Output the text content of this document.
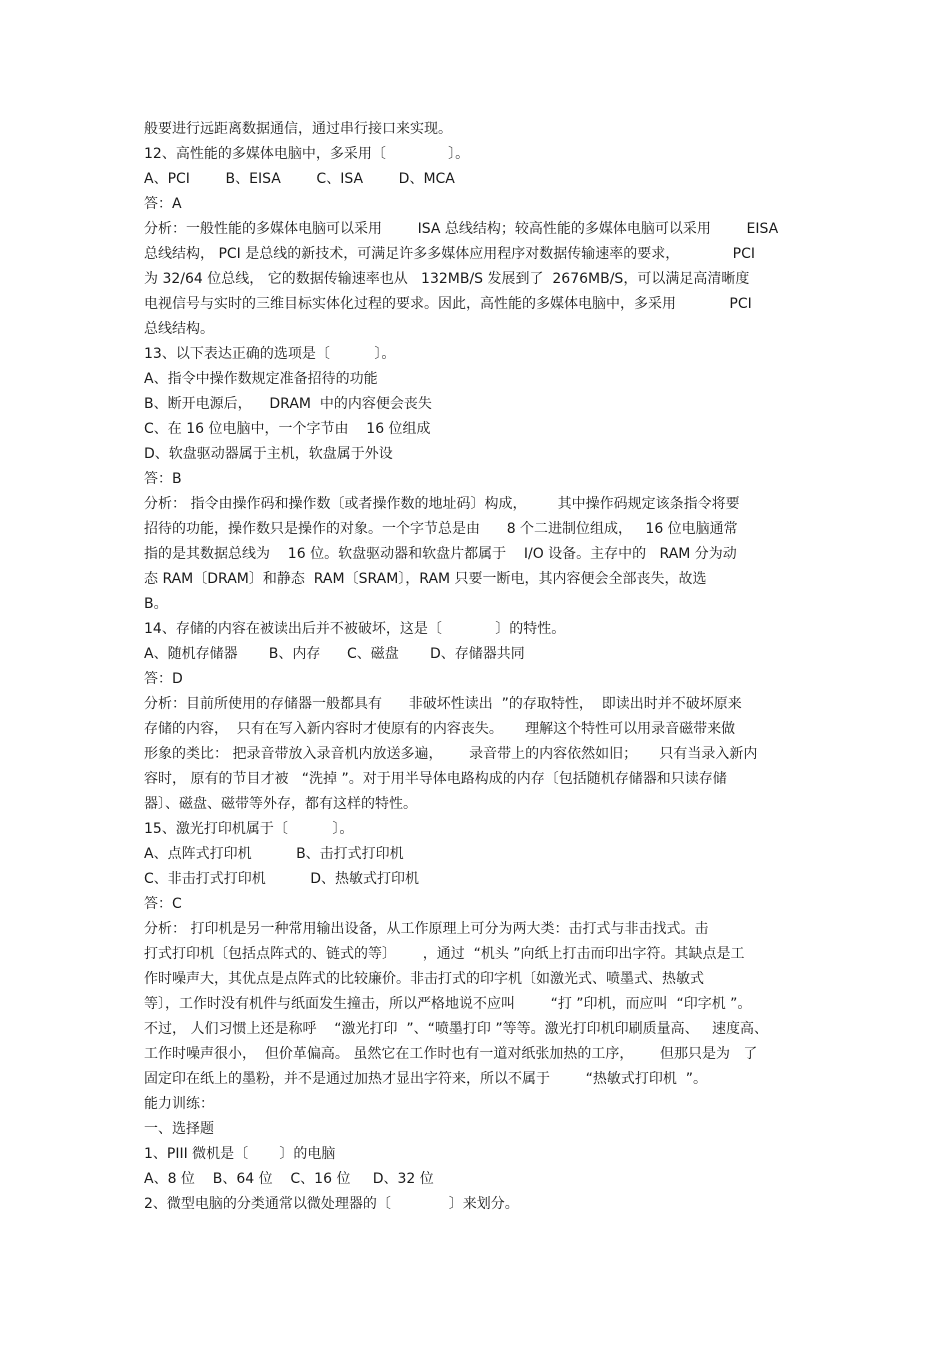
般要进行远距离数据通信，通过串行接口来实现。
12、高性能的多媒体电脑中，多采用〔              〕。
A、PCI        B、EISA        C、ISA        D、MCA
答：A
分析：一般性能的多媒体电脑可以采用        ISA 总线结构；较高性能的多媒体电脑可以采用        EISA
总线结构， PCI 是总线的新技术，可满足许多多媒体应用程序对数据传输速率的要求，            PCI
为 32/64 位总线， 它的数据传输速率也从   132MB/S 发展到了  2676MB/S，可以满足高清晰度
电视信号与实时的三维目标实体化过程的要求。因此，高性能的多媒体电脑中，多采用            PCI
总线结构。
13、以下表达正确的选项是〔          〕。
A、指令中操作数规定准备招待的功能
B、断开电源后，    DRAM  中的内容便会丧失
C、在 16 位电脑中，一个字节由    16 位组成
D、软盘驱动器属于主机，软盘属于外设
答：B
分析： 指令由操作码和操作数〔或者操作数的地址码〕构成，       其中操作码规定该条指令将要
招待的功能，操作数只是操作的对象。一个字节总是由      8 个二进制位组成，   16 位电脑通常
指的是其数据总线为    16 位。软盘驱动器和软盘片都属于    I/O 设备。主存中的   RAM 分为动
态 RAM〔DRAM〕和静态  RAM〔SRAM〕，RAM 只要一断电，其内容便会全部丧失，故选
B。
14、存储的内容在被读出后并不被破坏，这是〔            〕的特性。
A、随机存储器       B、内存      C、磁盘       D、存储器共同
答：D
分析：目前所使用的存储器一般都具有      非破坏性读出  ”的存取特性，  即读出时并不破坏原来
存储的内容，  只有在写入新内容时才使原有的内容丧失。     理解这个特性可以用录音磁带来做
形象的类比： 把录音带放入录音机内放送多遍，      录音带上的内容依然如旧；     只有当录入新内
容时， 原有的节目才被   “洗掉 ”。对于用半导体电路构成的内存〔包括随机存储器和只读存储
器〕、磁盘、磁带等外存，都有这样的特性。
15、激光打印机属于〔          〕。
A、点阵式打印机          B、击打式打印机
C、非击打式打印机          D、热敏式打印机
答：C
分析： 打印机是另一种常用输出设备，从工作原理上可分为两大类：击打式与非击找式。击
打式打印机〔包括点阵式的、链式的等〕      ，通过  “机头 ”向纸上打击而印出字符。其缺点是工
作时噪声大，其优点是点阵式的比较廉价。非击打式的印字机〔如激光式、喷墨式、热敏式
等〕，工作时没有机件与纸面发生撞击，所以严格地说不应叫        “打 ”印机，而应叫  “印字机 ”。
不过， 人们习惯上还是称呼    “激光打印  ”、“喷墨打印 ”等等。激光打印机印刷质量高、   速度高、
工作时噪声很小，  但价革偏高。 虽然它在工作时也有一道对纸张加热的工序，      但那只是为   了
固定印在纸上的墨粉，并不是通过加热才显出字符来，所以不属于        “热敏式打印机  ”。
能力训练：
一、选择题
1、PIII 微机是〔       〕的电脑
A、8 位    B、64 位    C、16 位     D、32 位
2、微型电脑的分类通常以微处理器的〔             〕来划分。
